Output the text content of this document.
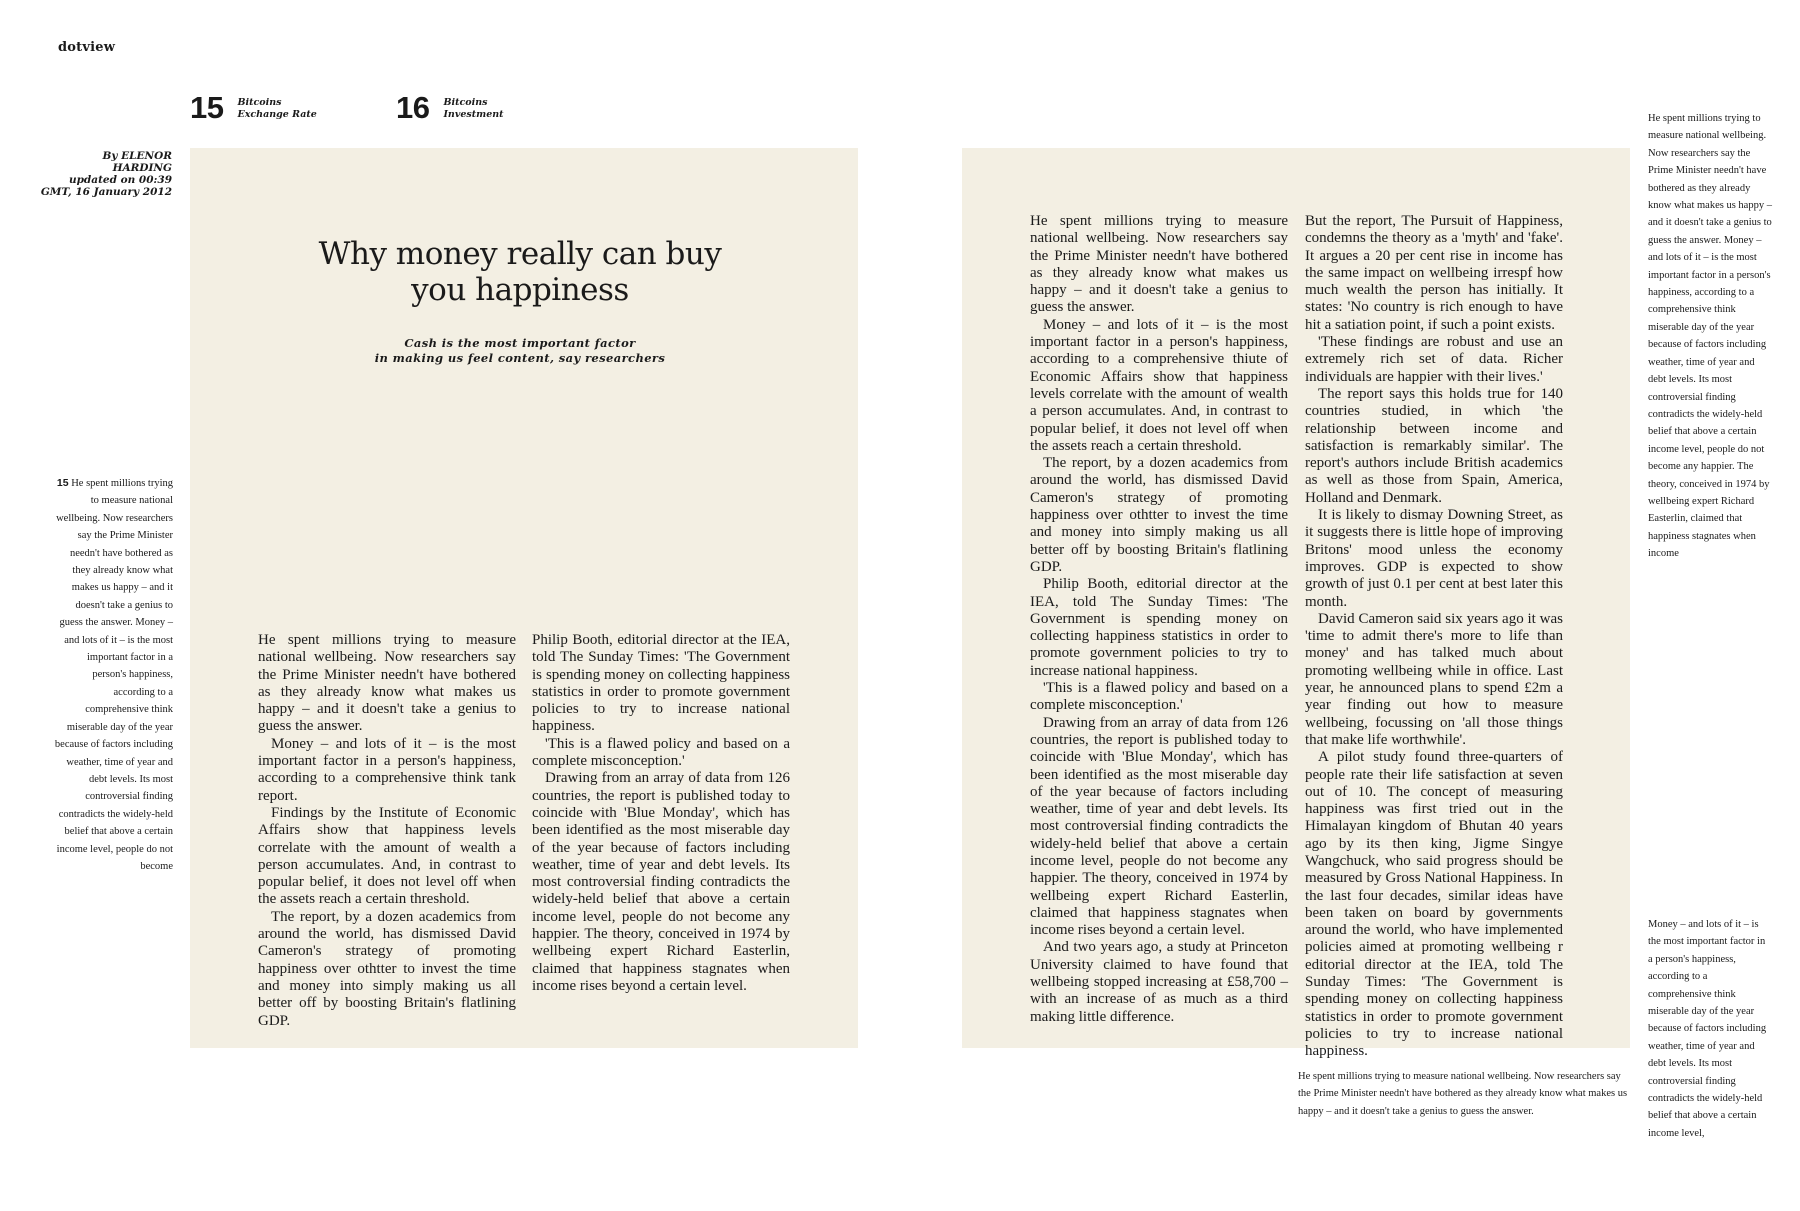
dotview
15 Bitcoins
Exchange Rate	16 Bitcoins
Investment
By ELENOR HARDING
updated on 00:39
GMT, 16 January 2012
Why money really can buy
you happiness
Cash is the most important factor
in making us feel content, say researchers
15 He spent millions trying to measure national wellbeing. Now researchers say the Prime Minister needn't have bothered as they already know what makes us happy – and it doesn't take a genius to guess the answer. Money – and lots of it – is the most important factor in a person's happiness, according to a comprehensive think miserable day of the year because of factors including weather, time of year and debt levels. Its most controversial finding contradicts the widely-held belief that above a certain income level, people do not become

He spent millions trying to measure national wellbeing. Now researchers say the Prime Minister needn't have bothered as they already know what makes us happy – and it doesn't take a genius to guess the answer.

Money – and lots of it – is the most important factor in a person's happiness, according to a comprehensive think tank report.

Findings by the Institute of Economic Affairs show that happiness levels correlate with the amount of wealth a person accumulates. And, in contrast to popular belief, it does not level off when the assets reach a certain threshold.

The report, by a dozen academics from around the world, has dismissed David Cameron's strategy of promoting happiness over othtter to invest the time and money into simply making us all better off by boosting Britain's flatlining GDP.

Philip Booth, editorial director at the IEA, told The Sunday Times: 'The Government is spending money on collecting happiness statistics in order to promote government policies to try to increase national happiness.

'This is a flawed policy and based on a complete misconception.'

Drawing from an array of data from 126 countries, the report is published today to coincide with 'Blue Monday', which has been identified as the most miserable day of the year because of factors including weather, time of year and debt levels. Its most controversial finding contradicts the widely-held belief that above a certain income level, people do not become any happier. The theory, conceived in 1974 by wellbeing expert Richard Easterlin, claimed that happiness stagnates when income rises beyond a certain level.

He spent millions trying to measure national wellbeing. Now researchers say the Prime Minister needn't have bothered as they already know what makes us happy – and it doesn't take a genius to guess the answer.

Money – and lots of it – is the most important factor in a person's happiness, according to a comprehensive thiute of Economic Affairs show that happiness levels correlate with the amount of wealth a person accumulates. And, in contrast to popular belief, it does not level off when the assets reach a certain threshold.

The report, by a dozen academics from around the world, has dismissed David Cameron's strategy of promoting happiness over othtter to invest the time and money into simply making us all better off by boosting Britain's flatlining GDP.

Philip Booth, editorial director at the IEA, told The Sunday Times: 'The Government is spending money on collecting happiness statistics in order to promote government policies to try to increase national happiness.

'This is a flawed policy and based on a complete misconception.'

Drawing from an array of data from 126 countries, the report is published today to coincide with 'Blue Monday', which has been identified as the most miserable day of the year because of factors including weather, time of year and debt levels. Its most controversial finding contradicts the widely-held belief that above a certain income level, people do not become any happier. The theory, conceived in 1974 by wellbeing expert Richard Easterlin, claimed that happiness stagnates when income rises beyond a certain level.

And two years ago, a study at Princeton University claimed to have found that wellbeing stopped increasing at £58,700 – with an increase of as much as a third making little difference.

But the report, The Pursuit of Happiness, condemns the theory as a 'myth' and 'fake'. It argues a 20 per cent rise in income has the same impact on wellbeing irrespf how much wealth the person has initially. It states: 'No country is rich enough to have hit a satiation point, if such a point exists.

'These findings are robust and use an extremely rich set of data. Richer individuals are happier with their lives.'

The report says this holds true for 140 countries studied, in which 'the relationship between income and satisfaction is remarkably similar'. The report's authors include British academics as well as those from Spain, America, Holland and Denmark.

It is likely to dismay Downing Street, as it suggests there is little hope of improving Britons' mood unless the economy improves. GDP is expected to show growth of just 0.1 per cent at best later this month.

David Cameron said six years ago it was 'time to admit there's more to life than money' and has talked much about promoting wellbeing while in office. Last year, he announced plans to spend £2m a year finding out how to measure wellbeing, focussing on 'all those things that make life worthwhile'.

A pilot study found three-quarters of people rate their life satisfaction at seven out of 10. The concept of measuring happiness was first tried out in the Himalayan kingdom of Bhutan 40 years ago by its then king, Jigme Singye Wangchuck, who said progress should be measured by Gross National Happiness. In the last four decades, similar ideas have been taken on board by governments around the world, who have implemented policies aimed at promoting wellbeing r editorial director at the IEA, told The Sunday Times: 'The Government is spending money on collecting happiness statistics in order to promote government policies to try to increase national happiness.

He spent millions trying to measure national wellbeing. Now researchers say the Prime Minister needn't have bothered as they already know what makes us happy – and it doesn't take a genius to guess the answer. Money – and lots of it – is the most important factor in a person's happiness, according to a comprehensive think miserable day of the year because of factors including weather, time of year and debt levels. Its most controversial finding contradicts the widely-held belief that above a certain income level, people do not become any happier. The theory, conceived in 1974 by wellbeing expert Richard Easterlin, claimed that happiness stagnates when income
Money – and lots of it – is the most important factor in a person's happiness, according to a comprehensive think miserable day of the year because of factors including weather, time of year and debt levels. Its most controversial finding contradicts the widely-held belief that above a certain income level,
He spent millions trying to measure national wellbeing. Now researchers say the Prime Minister needn't have bothered as they already know what makes us happy – and it doesn't take a genius to guess the answer.
